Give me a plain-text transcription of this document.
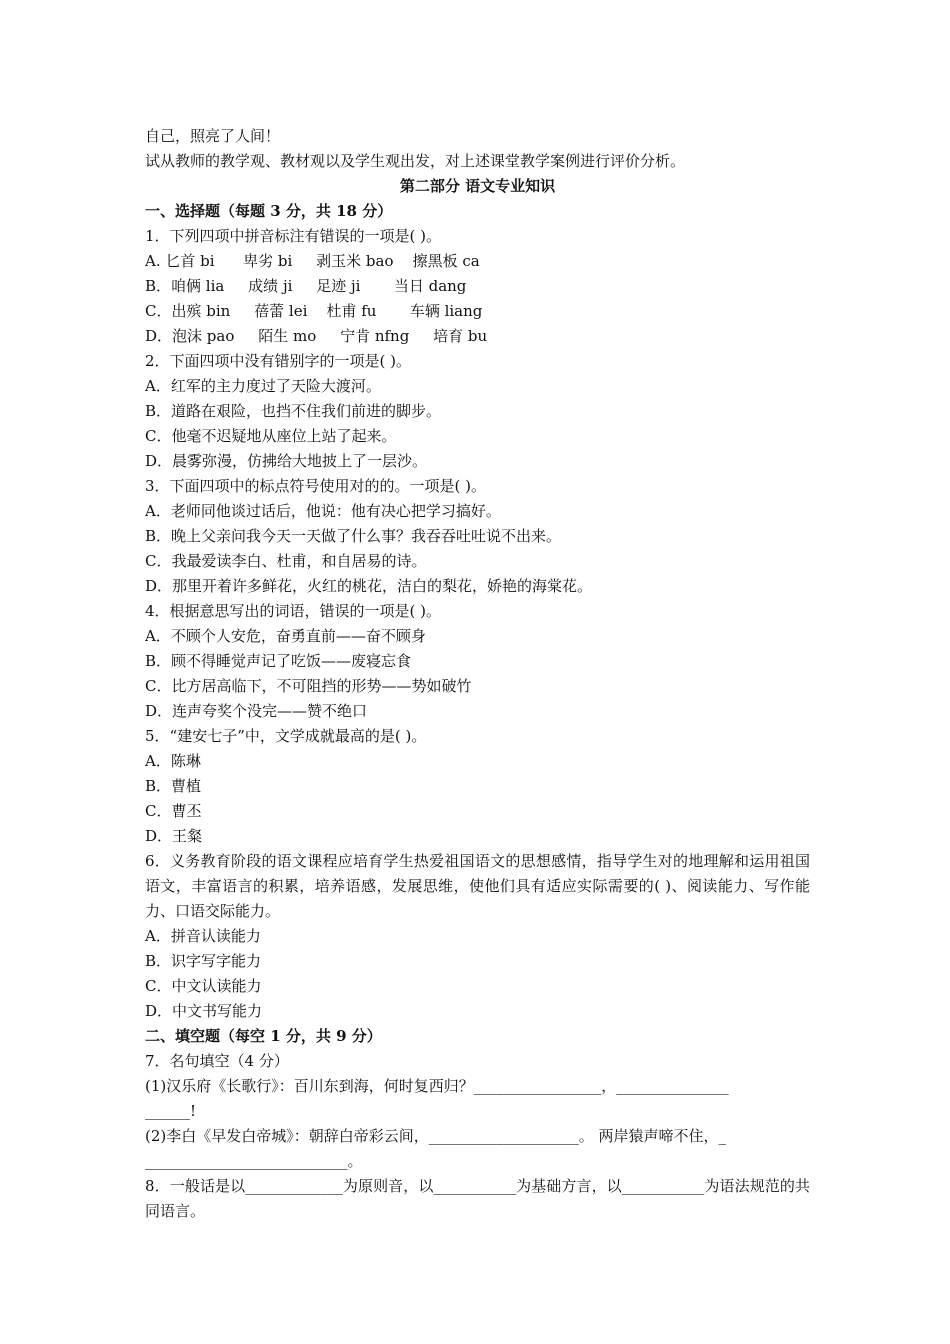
自己，照亮了人间！
试从教师的教学观、教材观以及学生观出发，对上述课堂教学案例进行评价分析。
第二部分 语文专业知识
一、选择题（每题 3 分，共 18 分）
1．下列四项中拼音标注有错误的一项是( )。
A. 匕首 bi      卑劣 bi     剥玉米 bao    擦黑板 ca
B．咱俩 lia     成绩 ji     足迹 ji       当日 dang
C．出殡 bin     蓓蕾 lei    杜甫 fu       车辆 liang
D．泡沫 pao     陌生 mo     宁肯 nfng     培育 bu
2．下面四项中没有错别字的一项是( )。
A．红军的主力度过了天险大渡河。
B．道路在艰险，也挡不住我们前进的脚步。
C．他毫不迟疑地从座位上站了起来。
D．晨雾弥漫，仿拂给大地披上了一层沙。
3．下面四项中的标点符号使用对的的。一项是( )。
A．老师同他谈过话后，他说：他有决心把学习搞好。
B．晚上父亲问我今天一天做了什么事？我吞吞吐吐说不出来。
C．我最爱读李白、杜甫，和自居易的诗。
D．那里开着许多鲜花，火红的桃花，洁白的梨花，娇艳的海棠花。
4．根据意思写出的词语，错误的一项是( )。
A．不顾个人安危，奋勇直前——奋不顾身
B．顾不得睡觉声记了吃饭——废寝忘食
C．比方居高临下，不可阻挡的形势——势如破竹
D．连声夸奖个没完——赞不绝口
5．“建安七子”中，文学成就最高的是( )。
A．陈琳
B．曹植
C．曹丕
D．王粲
6．义务教育阶段的语文课程应培育学生热爱祖国语文的思想感情，指导学生对的地理解和运用祖国语文，丰富语言的积累，培养语感，发展思维，使他们具有适应实际需要的( )、阅读能力、写作能力、口语交际能力。
A．拼音认读能力
B．识字写字能力
C．中文认读能力
D．中文书写能力
二、填空题（每空 1 分，共 9 分）
7．名句填空（4 分）
(1)汉乐府《长歌行》：百川东到海，何时复西归？_________________，_______________
______!
(2)李白《早发白帝城》：朝辞白帝彩云间，____________________。 两岸猿声啼不住，_
___________________________。
8．一般话是以_____________为原则音，以___________为基础方言，以___________为语法规范的共同语言。
